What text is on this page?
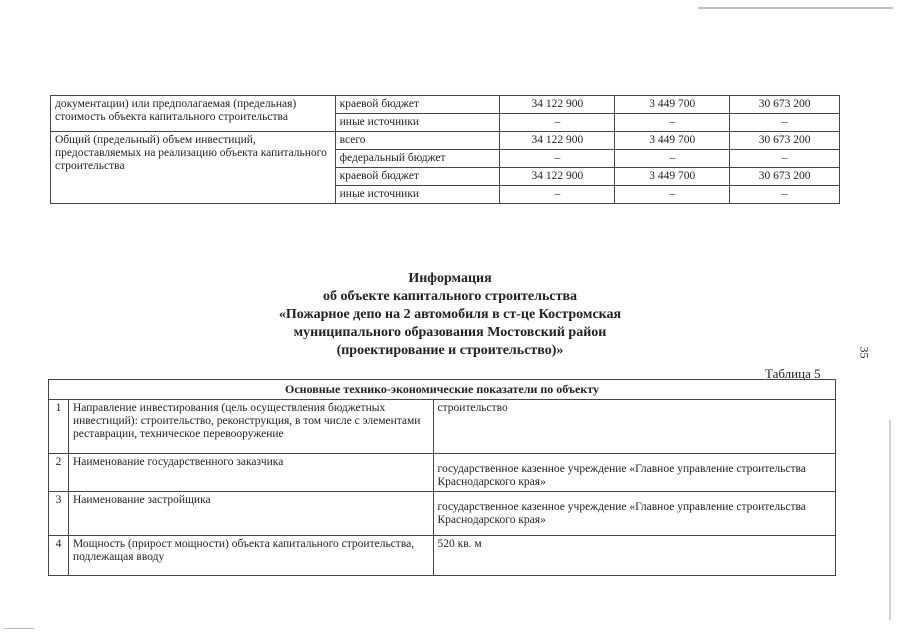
документации) или предполагаемая (предельная) стоимость объекта капитального строительства	краевой бюджет	34 122 900	3 449 700	30 673 200
	иные источники	–	–	–
Общий (предельный) объем инвестиций, предоставляемых на реализацию объекта капитального строительства	всего	34 122 900	3 449 700	30 673 200
	федеральный бюджет	–	–	–
	краевой бюджет	34 122 900	3 449 700	30 673 200
	иные источники	–	–	–
Информация
об объекте капитального строительства
«Пожарное депо на 2 автомобиля в ст-це Костромская
муниципального образования Мостовский район
(проектирование и строительство)»	35
Таблица 5
Основные технико-экономические показатели по объекту		
1	Направление инвестирования (цель осуществления бюджетных инвестиций): строительство, реконструкция, в том числе с элементами реставрации, техническое перевооружение	строительство
2	Наименование государственного заказчика	государственное казенное учреждение «Главное управление строительства Краснодарского края»
3	Наименование застройщика	государственное казенное учреждение «Главное управление строительства Краснодарского края»
4	Мощность (прирост мощности) объекта капитального строительства, подлежащая вводу	520 кв. м
